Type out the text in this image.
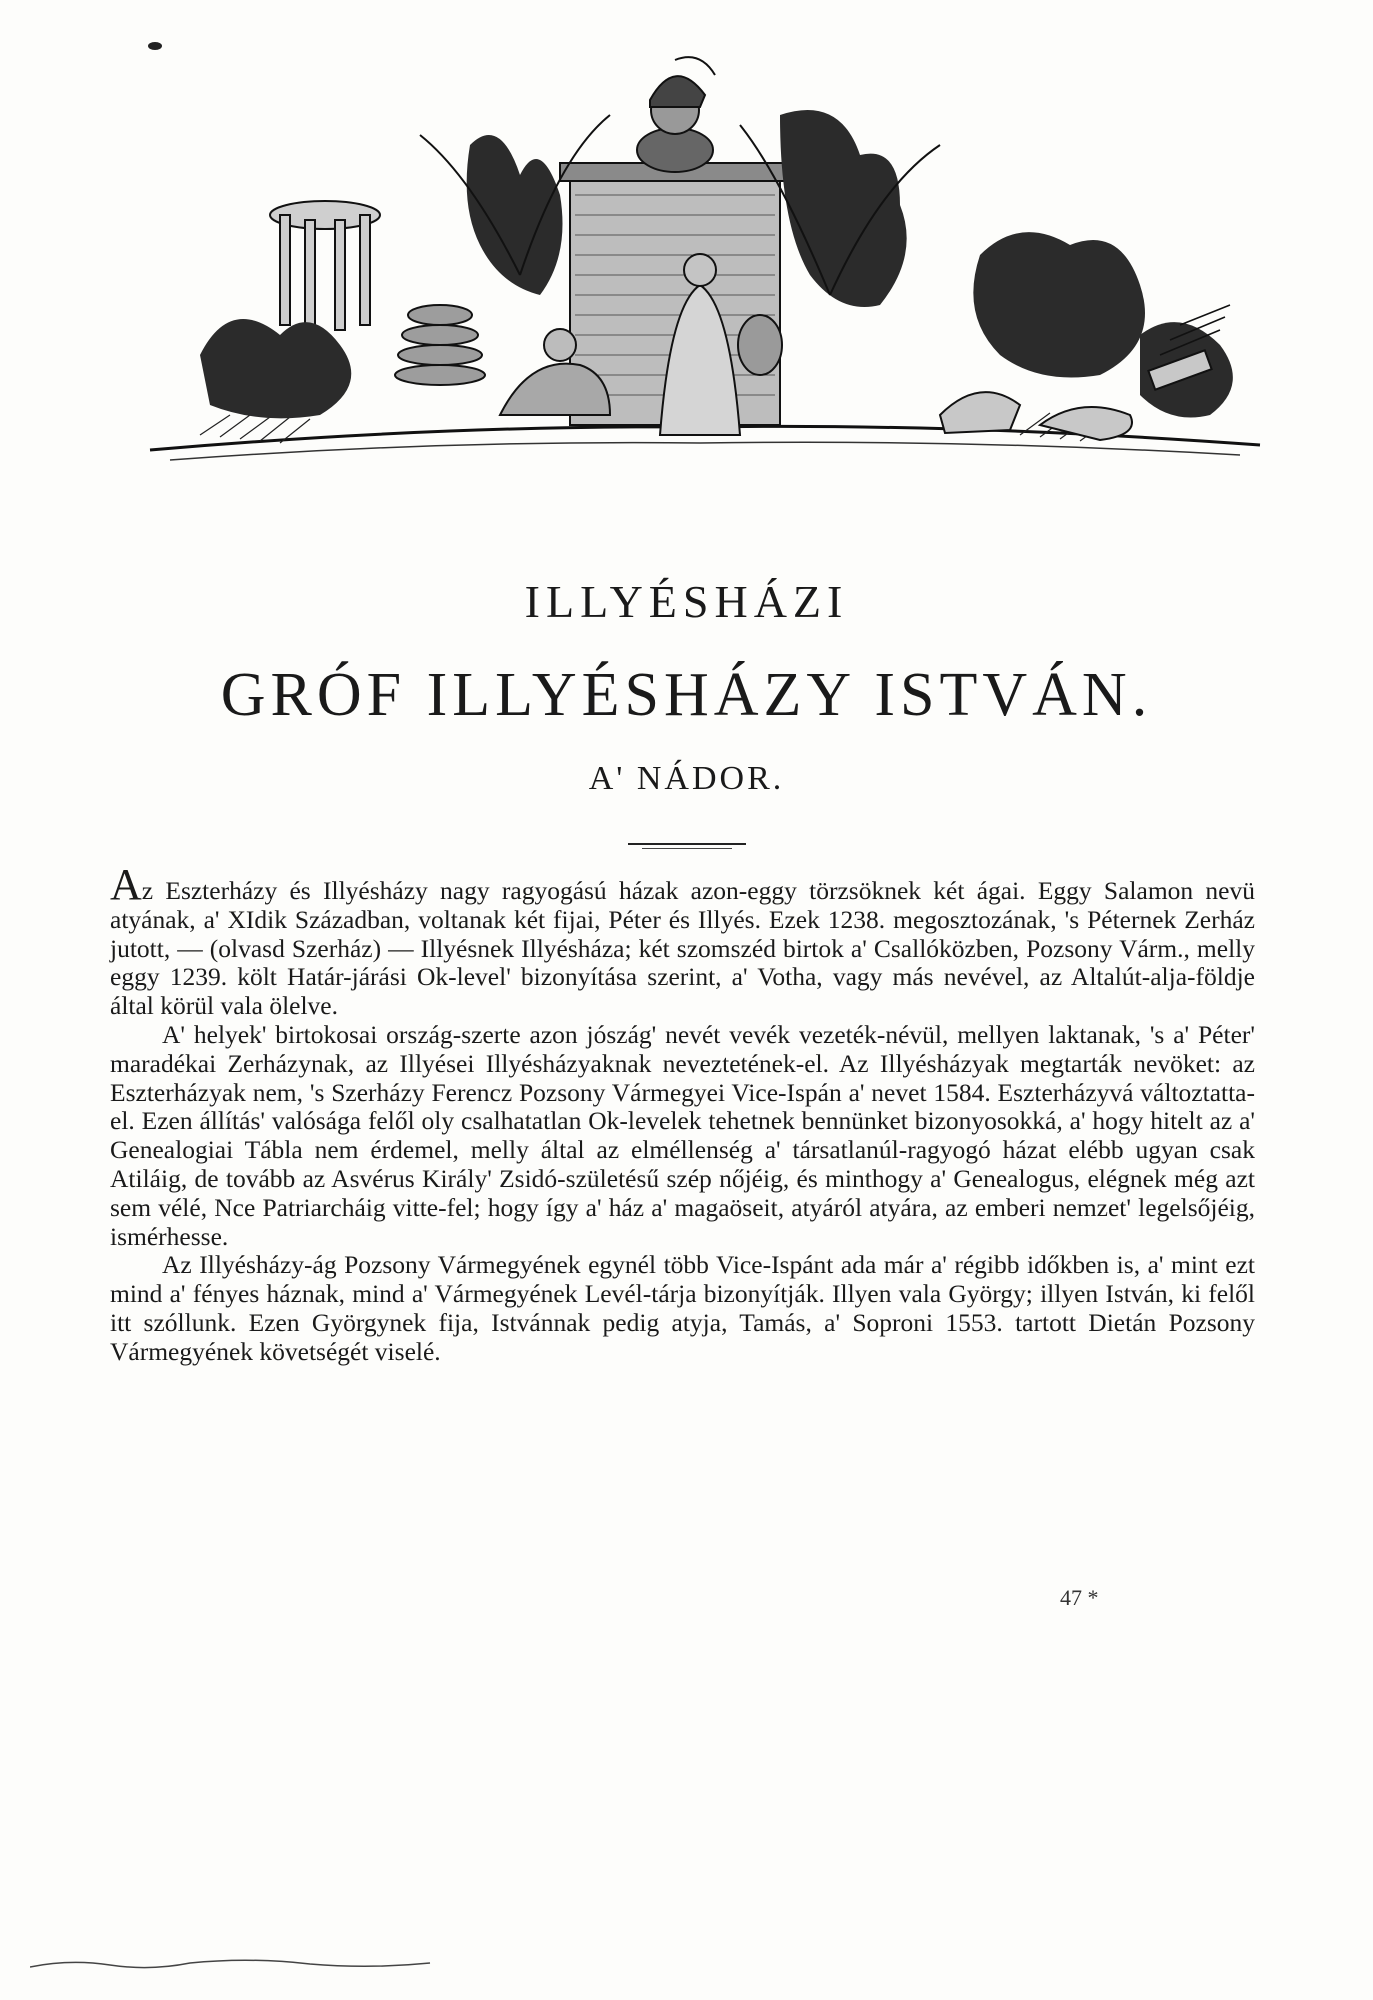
ILLYÉSHÁZI
GRÓF ILLYÉSHÁZY ISTVÁN.
A' NÁDOR.

Az Eszterházy és Illyésházy nagy ragyogású házak azon-eggy törzsöknek két ágai. Eggy Salamon nevü atyának, a' XIdik Században, voltanak két fijai, Péter és Illyés. Ezek 1238. megosztozának, 's Péternek Zerház jutott, — (olvasd Szerház) — Illyésnek Illyésháza; két szomszéd birtok a' Csallóközben, Pozsony Várm., melly eggy 1239. költ Határ-járási Ok-level' bizonyítása szerint, a' Votha, vagy más nevével, az Altalút-alja-földje által körül vala ölelve.

A' helyek' birtokosai ország-szerte azon jószág' nevét vevék vezeték-névül, mellyen laktanak, 's a' Péter' maradékai Zerházynak, az Illyései Illyésházyaknak neveztetének-el. Az Illyésházyak megtarták nevöket: az Eszterházyak nem, 's Szerházy Ferencz Pozsony Vármegyei Vice-Ispán a' nevet 1584. Eszterházyvá változtatta-el. Ezen állítás' valósága felől oly csalhatatlan Ok-levelek tehetnek bennünket bizonyosokká, a' hogy hitelt az a' Genealogiai Tábla nem érdemel, melly által az elméllenség a' társatlanúl-ragyogó házat elébb ugyan csak Atiláig, de tovább az Asvérus Király' Zsidó-születésű szép nőjéig, és minthogy a' Genealogus, elégnek még azt sem vélé, Nce Patriarcháig vitte-fel; hogy így a' ház a' magaöseit, atyáról atyára, az emberi nemzet' legelsőjéig, ismérhesse.

Az Illyésházy-ág Pozsony Vármegyének egynél több Vice-Ispánt ada már a' régibb időkben is, a' mint ezt mind a' fényes háznak, mind a' Vármegyének Levél-tárja bizonyítják. Illyen vala György; illyen István, ki felől itt szóllunk. Ezen Györgynek fija, Istvánnak pedig atyja, Tamás, a' Soproni 1553. tartott Dietán Pozsony Vármegyének követségét viselé.

47 *
